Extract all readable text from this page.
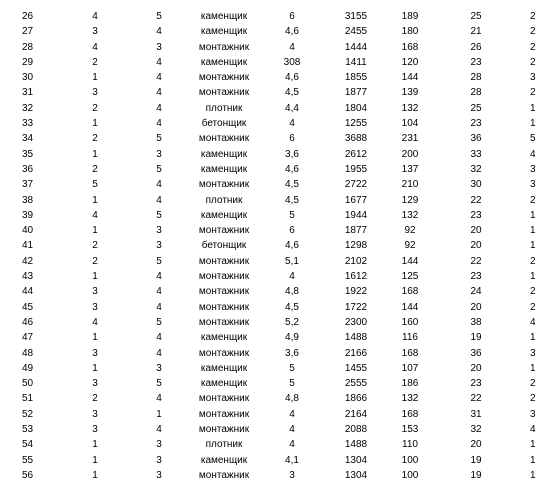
26	4	5	каменщик	6	3155	189	25	2
27	3	4	каменщик	4,6	2455	180	21	2
28	4	3	монтажник	4	1444	168	26	2
29	2	4	каменщик	308	1411	120	23	2
30	1	4	монтажник	4,6	1855	144	28	3
31	3	4	монтажник	4,5	1877	139	28	2
32	2	4	плотник	4,4	1804	132	25	1
33	1	4	бетонщик	4	1255	104	23	1
34	2	5	монтажник	6	3688	231	36	5
35	1	3	каменщик	3,6	2612	200	33	4
36	2	5	каменщик	4,6	1955	137	32	3
37	5	4	монтажник	4,5	2722	210	30	3
38	1	4	плотник	4,5	1677	129	22	2
39	4	5	каменщик	5	1944	132	23	1
40	1	3	монтажник	6	1877	92	20	1
41	2	3	бетонщик	4,6	1298	92	20	1
42	2	5	монтажник	5,1	2102	144	22	2
43	1	4	монтажник	4	1612	125	23	1
44	3	4	монтажник	4,8	1922	168	24	2
45	3	4	монтажник	4,5	1722	144	20	2
46	4	5	монтажник	5,2	2300	160	38	4
47	1	4	каменщик	4,9	1488	116	19	1
48	3	4	монтажник	3,6	2166	168	36	3
49	1	3	каменщик	5	1455	107	20	1
50	3	5	каменщик	5	2555	186	23	2
51	2	4	монтажник	4,8	1866	132	22	2
52	3	1	монтажник	4	2164	168	31	3
53	3	4	монтажник	4	2088	153	32	4
54	1	3	плотник	4	1488	110	20	1
55	1	3	каменщик	4,1	1304	100	19	1
56	1	3	монтажник	3	1304	100	19	1
